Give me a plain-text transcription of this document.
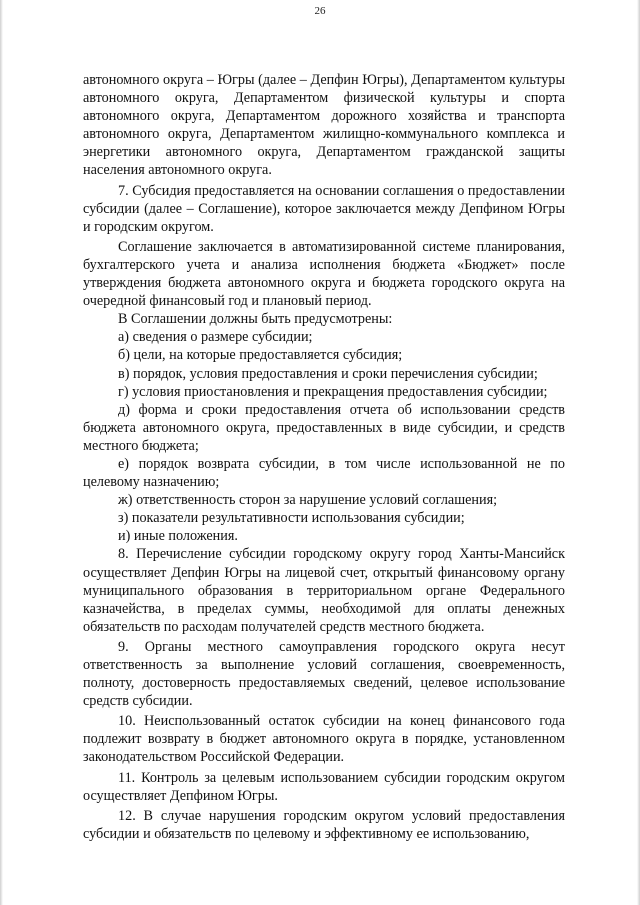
26

автономного округа – Югры (далее – Депфин Югры), Департаментом культуры автономного округа, Департаментом физической культуры и спорта автономного округа, Департаментом дорожного хозяйства и транспорта автономного округа, Департаментом жилищно-коммунального комплекса и энергетики автономного округа, Департаментом гражданской защиты населения автономного округа.

7. Субсидия предоставляется на основании соглашения о предоставлении субсидии (далее – Соглашение), которое заключается между Депфином Югры и городским округом.

Соглашение заключается в автоматизированной системе планирования, бухгалтерского учета и анализа исполнения бюджета «Бюджет» после утверждения бюджета автономного округа и бюджета городского округа на очередной финансовый год и плановый период.

В Соглашении должны быть предусмотрены:

а) сведения о размере субсидии;

б) цели, на которые предоставляется субсидия;

в) порядок, условия предоставления и сроки перечисления субсидии;

г) условия приостановления и прекращения предоставления субсидии;

д) форма и сроки предоставления отчета об использовании средств бюджета автономного округа, предоставленных в виде субсидии, и средств местного бюджета;

е) порядок возврата субсидии, в том числе использованной не по целевому назначению;

ж) ответственность сторон за нарушение условий соглашения;

з) показатели результативности использования субсидии;

и) иные положения.

8. Перечисление субсидии городскому округу город Ханты-Мансийск осуществляет Депфин Югры на лицевой счет, открытый финансовому органу муниципального образования в территориальном органе Федерального казначейства, в пределах суммы, необходимой для оплаты денежных обязательств по расходам получателей средств местного бюджета.

9. Органы местного самоуправления городского округа несут ответственность за выполнение условий соглашения, своевременность, полноту, достоверность предоставляемых сведений, целевое использование средств субсидии.

10. Неиспользованный остаток субсидии на конец финансового года подлежит возврату в бюджет автономного округа в порядке, установленном законодательством Российской Федерации.

11. Контроль за целевым использованием субсидии городским округом осуществляет Депфином Югры.

12. В случае нарушения городским округом условий предоставления субсидии и обязательств по целевому и эффективному ее использованию,
